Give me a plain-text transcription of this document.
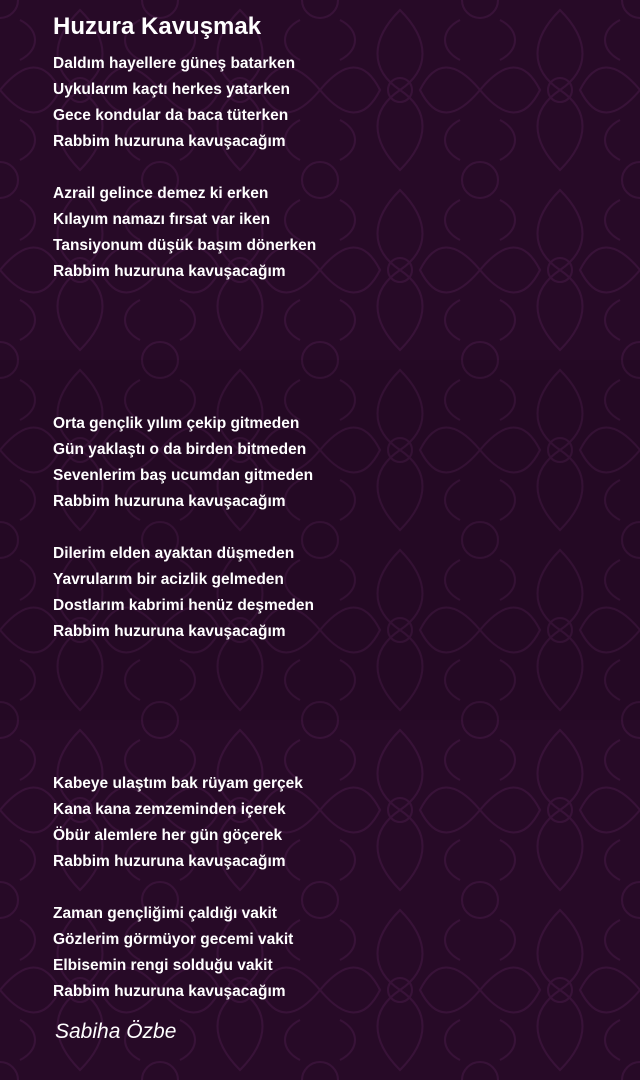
Huzura Kavuşmak
Daldım hayellere güneş batarken
Uykularım kaçtı herkes yatarken
Gece kondular da baca tüterken
Rabbim huzuruna kavuşacağım
Azrail gelince demez ki erken
Kılayım namazı fırsat var iken
Tansiyonum düşük başım dönerken
Rabbim huzuruna kavuşacağım
Orta gençlik yılım çekip gitmeden
Gün yaklaştı o da birden bitmeden
Sevenlerim baş ucumdan gitmeden
Rabbim huzuruna kavuşacağım
Dilerim elden ayaktan düşmeden
Yavrularım bir acizlik gelmeden
Dostlarım kabrimi henüz deşmeden
Rabbim huzuruna kavuşacağım
Kabeye ulaştım bak rüyam gerçek
Kana kana zemzeminden içerek
Öbür alemlere her gün göçerek
Rabbim huzuruna kavuşacağım
Zaman gençliğimi çaldığı vakit
Gözlerim görmüyor gecemi vakit
Elbisemin rengi solduğu vakit
Rabbim huzuruna kavuşacağım

Sabiha Özbe
